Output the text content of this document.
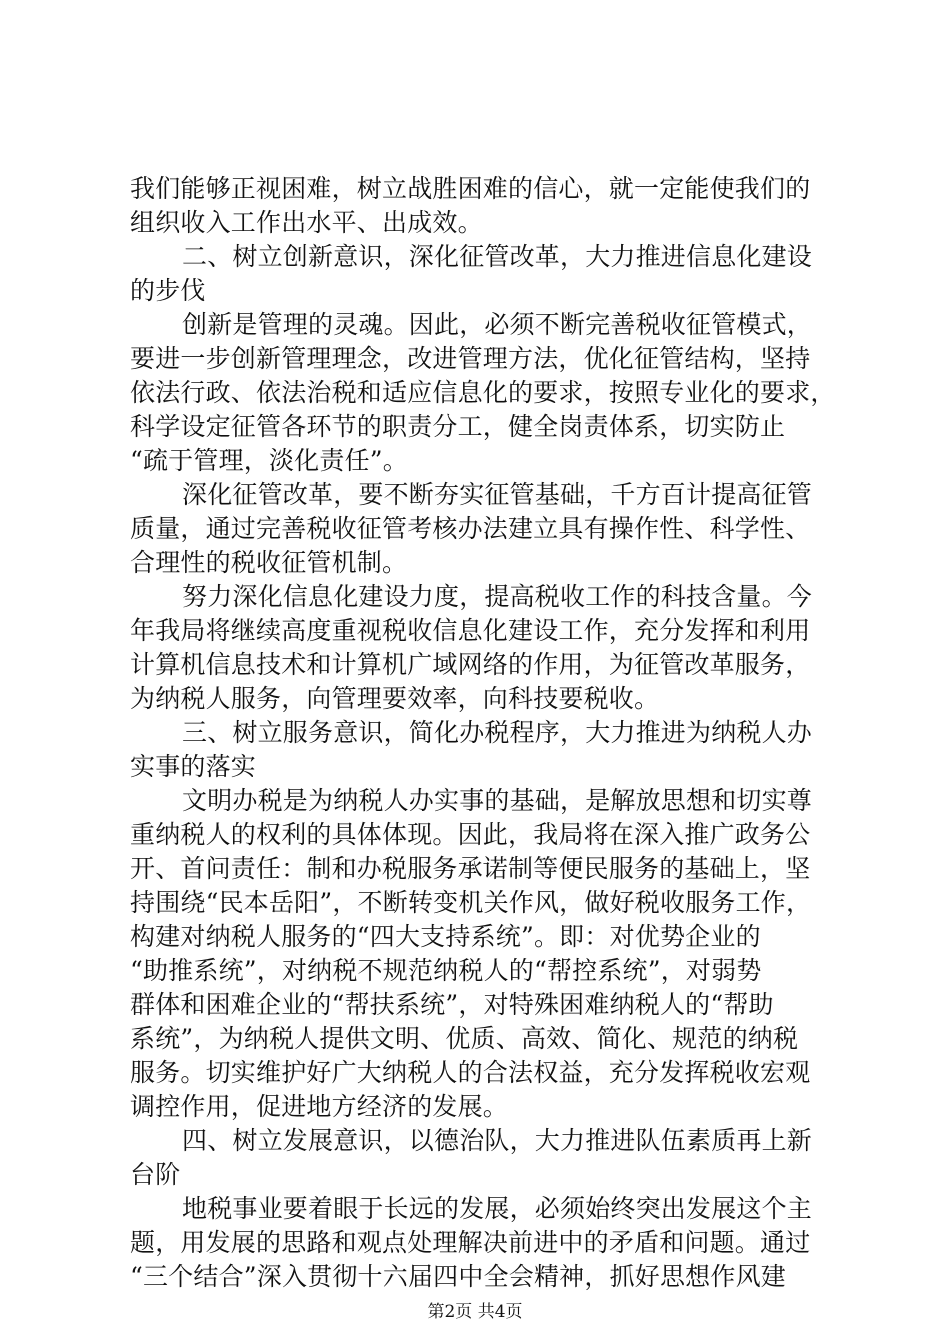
我们能够正视困难，树立战胜困难的信心，就一定能使我们的
组织收入工作出水平、出成效。
二、树立创新意识，深化征管改革，大力推进信息化建设
的步伐
创新是管理的灵魂。因此，必须不断完善税收征管模式，
要进一步创新管理理念，改进管理方法，优化征管结构，坚持
依法行政、依法治税和适应信息化的要求，按照专业化的要求，
科学设定征管各环节的职责分工，健全岗责体系，切实防止
“疏于管理，淡化责任”。
深化征管改革，要不断夯实征管基础，千方百计提高征管
质量，通过完善税收征管考核办法建立具有操作性、科学性、
合理性的税收征管机制。
努力深化信息化建设力度，提高税收工作的科技含量。今
年我局将继续高度重视税收信息化建设工作，充分发挥和利用
计算机信息技术和计算机广域网络的作用，为征管改革服务，
为纳税人服务，向管理要效率，向科技要税收。
三、树立服务意识，简化办税程序，大力推进为纳税人办
实事的落实
文明办税是为纳税人办实事的基础，是解放思想和切实尊
重纳税人的权利的具体体现。因此，我局将在深入推广政务公
开、首问责任：制和办税服务承诺制等便民服务的基础上，坚
持围绕“民本岳阳”，不断转变机关作风，做好税收服务工作，
构建对纳税人服务的“四大支持系统”。即：对优势企业的
“助推系统”，对纳税不规范纳税人的“帮控系统”，对弱势
群体和困难企业的“帮扶系统”，对特殊困难纳税人的“帮助
系统”，为纳税人提供文明、优质、高效、简化、规范的纳税
服务。切实维护好广大纳税人的合法权益，充分发挥税收宏观
调控作用，促进地方经济的发展。
四、树立发展意识，以德治队，大力推进队伍素质再上新
台阶
地税事业要着眼于长远的发展，必须始终突出发展这个主
题，用发展的思路和观点处理解决前进中的矛盾和问题。通过
“三个结合”深入贯彻十六届四中全会精神，抓好思想作风建
第2页 共4页
